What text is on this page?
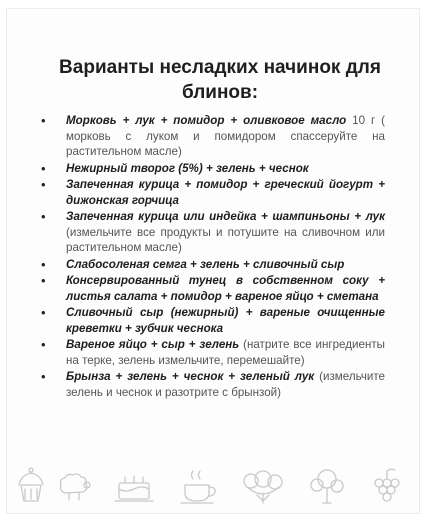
Варианты несладких начинок для блинов:
• Морковь + лук + помидор + оливковое масло 10 г ( морковь с луком и помидором спассеруйте на растительном масле)
• Нежирный творог (5%) + зелень + чеснок
• Запеченная курица + помидор + греческий йогурт + дижонская горчица
• Запеченная курица или индейка + шампиньоны + лук (измельчите все продукты и потушите на сливочном или растительном масле)
• Слабосоленая семга + зелень + сливочный сыр
• Консервированный тунец в собственном соку + листья салата + помидор + вареное яйцо + сметана
• Сливочный сыр (нежирный) + вареные очищенные креветки + зубчик чеснока
• Вареное яйцо + сыр + зелень (натрите все ингредиенты на терке, зелень измельчите, перемешайте)
• Брынза + зелень + чеснок + зеленый лук (измельчите зелень и чеснок и разотрите с брынзой)
